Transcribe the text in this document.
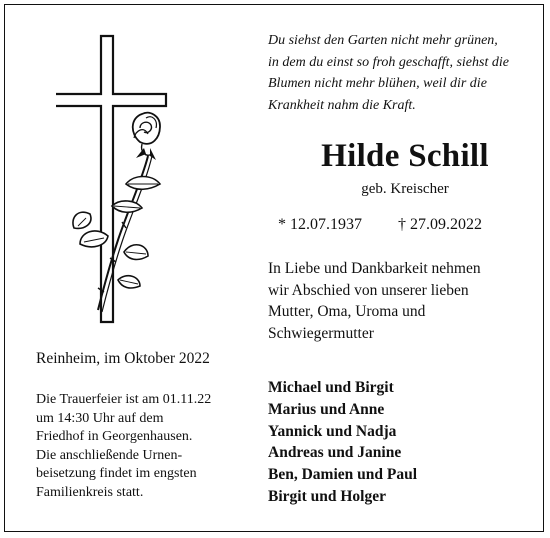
Du siehst den Garten nicht mehr grünen,
in dem du einst so froh geschafft, siehst die
Blumen nicht mehr blühen, weil dir die
Krankheit nahm die Kraft.
Hilde Schill
geb. Kreischer
* 12.07.1937 † 27.09.2022
In Liebe und Dankbarkeit nehmen
wir Abschied von unserer lieben
Mutter, Oma, Uroma und
Schwiegermutter
Reinheim, im Oktober 2022
Die Trauerfeier ist am 01.11.22
um 14:30 Uhr auf dem
Friedhof in Georgenhausen.
Die anschließende Urnen-
beisetzung findet im engsten
Familienkreis statt.
Michael und Birgit
Marius und Anne
Yannick und Nadja
Andreas und Janine
Ben, Damien und Paul
Birgit und Holger
